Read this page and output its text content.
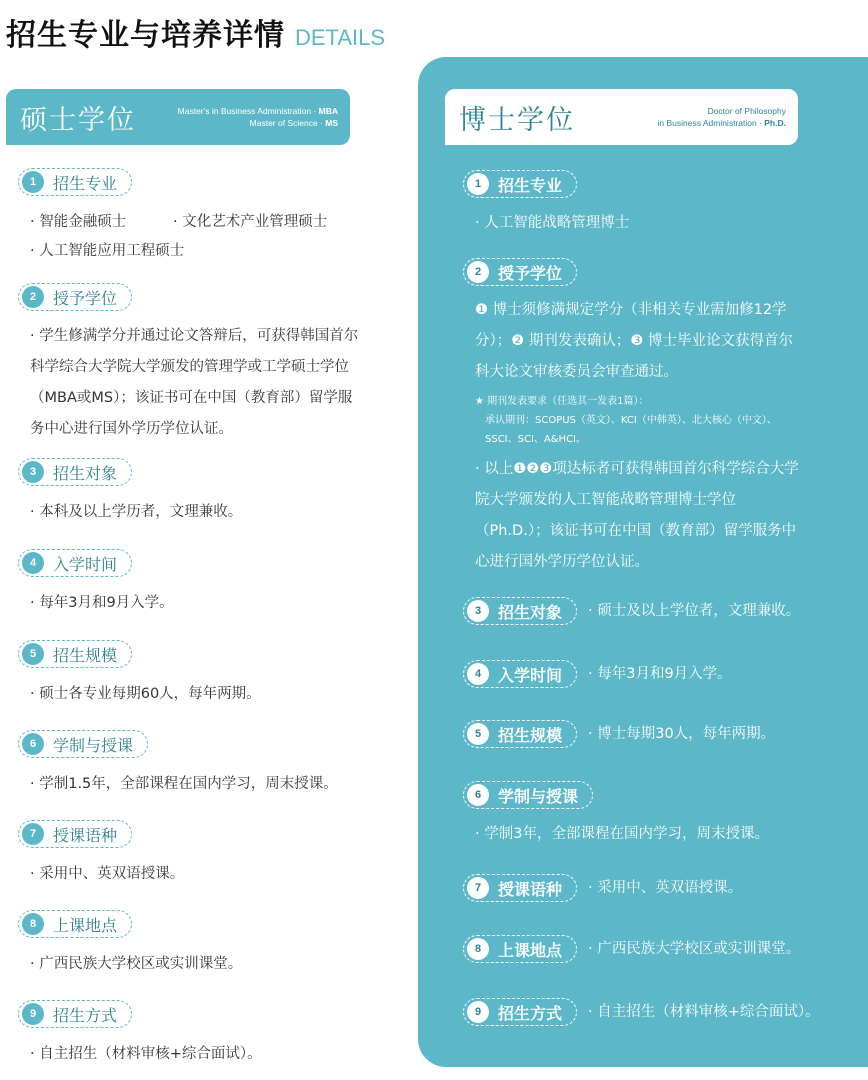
招生专业与培养详情 DETAILS
硕士学位	Master's in Business Administration · MBA
Master of Science · MS
1	招生专业
· 智能金融硕士	· 文化艺术产业管理硕士
· 人工智能应用工程硕士
2	授予学位
· 学生修满学分并通过论文答辩后，可获得韩国首尔科学综合大学院大学颁发的管理学或工学硕士学位（MBA或MS）；该证书可在中国（教育部）留学服务中心进行国外学历学位认证。
3	招生对象
· 本科及以上学历者，文理兼收。
4	入学时间
· 每年3月和9月入学。
5	招生规模
· 硕士各专业每期60人，每年两期。
6	学制与授课
· 学制1.5年，全部课程在国内学习，周末授课。
7	授课语种
· 采用中、英双语授课。
8	上课地点
· 广西民族大学校区或实训课堂。
9	招生方式
· 自主招生（材料审核+综合面试）。
博士学位	Doctor of Philosophy
in Business Administration · Ph.D.
1	招生专业
· 人工智能战略管理博士
2	授予学位
❶ 博士须修满规定学分（非相关专业需加修12学分）；❷ 期刊发表确认；❸ 博士毕业论文获得首尔科大论文审核委员会审查通过。
★ 期刊发表要求（任选其一发表1篇）：
承认期刊：SCOPUS（英文）、KCI（中韩英）、北大核心（中文）、SSCI、SCI、A&HCI。
· 以上❶❷❸项达标者可获得韩国首尔科学综合大学院大学颁发的人工智能战略管理博士学位（Ph.D.）；该证书可在中国（教育部）留学服务中心进行国外学历学位认证。
3	招生对象 · 硕士及以上学位者，文理兼收。
4	入学时间 · 每年3月和9月入学。
5	招生规模 · 博士每期30人，每年两期。
6	学制与授课
· 学制3年，全部课程在国内学习，周末授课。
7	授课语种 · 采用中、英双语授课。
8	上课地点 · 广西民族大学校区或实训课堂。
9	招生方式 · 自主招生（材料审核+综合面试）。
